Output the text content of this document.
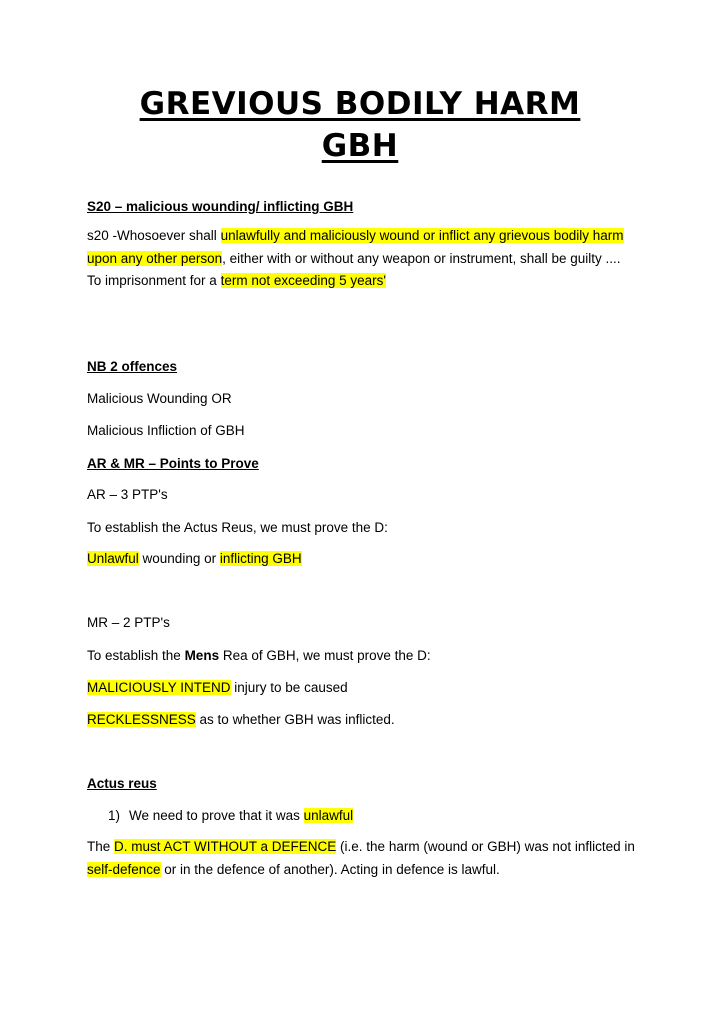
GREVIOUS BODILY HARM
GBH
S20 – malicious wounding/ inflicting GBH
s20 -Whosoever shall unlawfully and maliciously wound or inflict any grievous bodily harm upon any other person, either with or without any weapon or instrument, shall be guilty .... To imprisonment for a term not exceeding 5 years'
NB 2 offences
Malicious Wounding OR
Malicious Infliction of GBH
AR & MR – Points to Prove
AR – 3 PTP's
To establish the Actus Reus, we must prove the D:
Unlawful wounding or inflicting GBH
MR – 2 PTP's
To establish the Mens Rea of GBH, we must prove the D:
MALICIOUSLY INTEND injury to be caused
RECKLESSNESS as to whether GBH was inflicted.
Actus reus
1) We need to prove that it was unlawful
The D. must ACT WITHOUT a DEFENCE (i.e. the harm (wound or GBH) was not inflicted in self-defence or in the defence of another). Acting in defence is lawful.
